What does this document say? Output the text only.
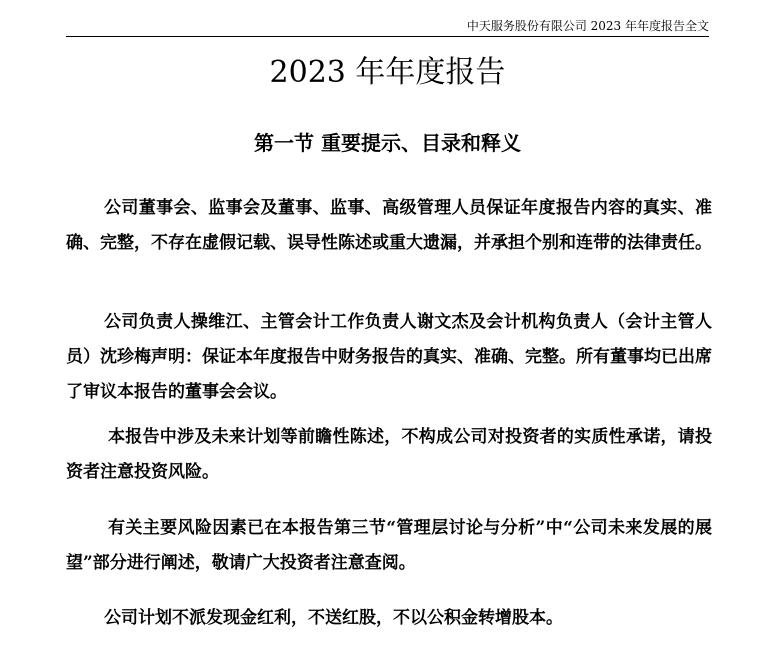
中天服务股份有限公司 2023 年年度报告全文
2023 年年度报告
第一节 重要提示、目录和释义

公司董事会、监事会及董事、监事、高级管理人员保证年度报告内容的真实、准确、完整，不存在虚假记载、误导性陈述或重大遗漏，并承担个别和连带的法律责任。

公司负责人操维江、主管会计工作负责人谢文杰及会计机构负责人（会计主管人员）沈珍梅声明：保证本年度报告中财务报告的真实、准确、完整。所有董事均已出席了审议本报告的董事会会议。

本报告中涉及未来计划等前瞻性陈述，不构成公司对投资者的实质性承诺，请投资者注意投资风险。

有关主要风险因素已在本报告第三节“管理层讨论与分析”中“公司未来发展的展望”部分进行阐述，敬请广大投资者注意查阅。

公司计划不派发现金红利，不送红股，不以公积金转增股本。
